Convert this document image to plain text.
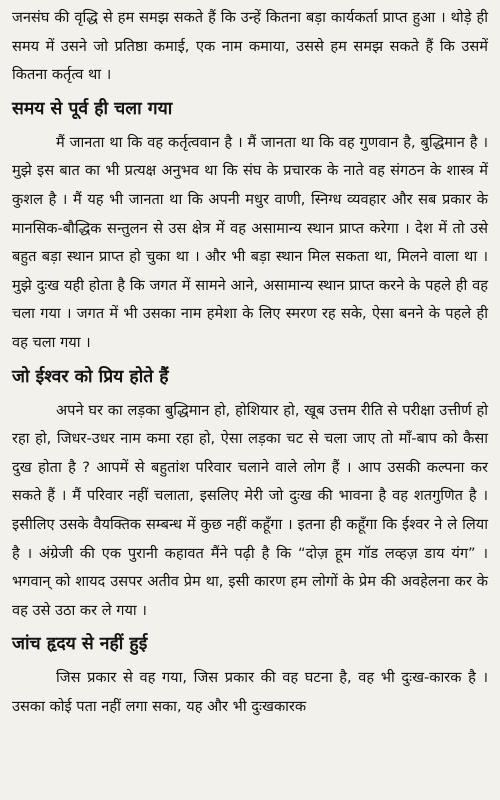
जनसंघ की वृद्धि से हम समझ सकते हैं कि उन्हें कितना बड़ा कार्यकर्ता प्राप्त हुआ । थोड़े ही समय में उसने जो प्रतिष्ठा कमाई, एक नाम कमाया, उससे हम समझ सकते हैं कि उसमें कितना कर्तृत्व था ।

समय से पूर्व ही चला गया

मैं जानता था कि वह कर्तृत्ववान है । मैं जानता था कि वह गुणवान है, बुद्धिमान है । मुझे इस बात का भी प्रत्यक्ष अनुभव था कि संघ के प्रचारक के नाते वह संगठन के शास्त्र में कुशल है । मैं यह भी जानता था कि अपनी मधुर वाणी, स्निग्ध व्यवहार और सब प्रकार के मानसिक-बौद्धिक सन्तुलन से उस क्षेत्र में वह असामान्य स्थान प्राप्त करेगा । देश में तो उसे बहुत बड़ा स्थान प्राप्त हो चुका था । और भी बड़ा स्थान मिल सकता था, मिलने वाला था । मुझे दुःख यही होता है कि जगत में सामने आने, असामान्य स्थान प्राप्त करने के पहले ही वह चला गया । जगत में भी उसका नाम हमेशा के लिए स्मरण रह सके, ऐसा बनने के पहले ही वह चला गया ।

जो ईश्वर को प्रिय होते हैं

अपने घर का लड़का बुद्धिमान हो, होशियार हो, खूब उत्तम रीति से परीक्षा उत्तीर्ण हो रहा हो, जिधर-उधर नाम कमा रहा हो, ऐसा लड़का चट से चला जाए तो माँ-बाप को कैसा दुख होता है ? आपमें से बहुतांश परिवार चलाने वाले लोग हैं । आप उसकी कल्पना कर सकते हैं । मैं परिवार नहीं चलाता, इसलिए मेरी जो दुःख की भावना है वह शतगुणित है । इसीलिए उसके वैयक्तिक सम्बन्ध में कुछ नहीं कहूँगा । इतना ही कहूँगा कि ईश्वर ने ले लिया है । अंग्रेजी की एक पुरानी कहावत मैंने पढ़ी है कि “दोज़ हूम गॉड लव्हज़ डाय यंग” । भगवान् को शायद उसपर अतीव प्रेम था, इसी कारण हम लोगों के प्रेम की अवहेलना कर के वह उसे उठा कर ले गया ।

जांच हृदय से नहीं हुई

जिस प्रकार से वह गया, जिस प्रकार की वह घटना है, वह भी दुःख-कारक है । उसका कोई पता नहीं लगा सका, यह और भी दुःखकारक
